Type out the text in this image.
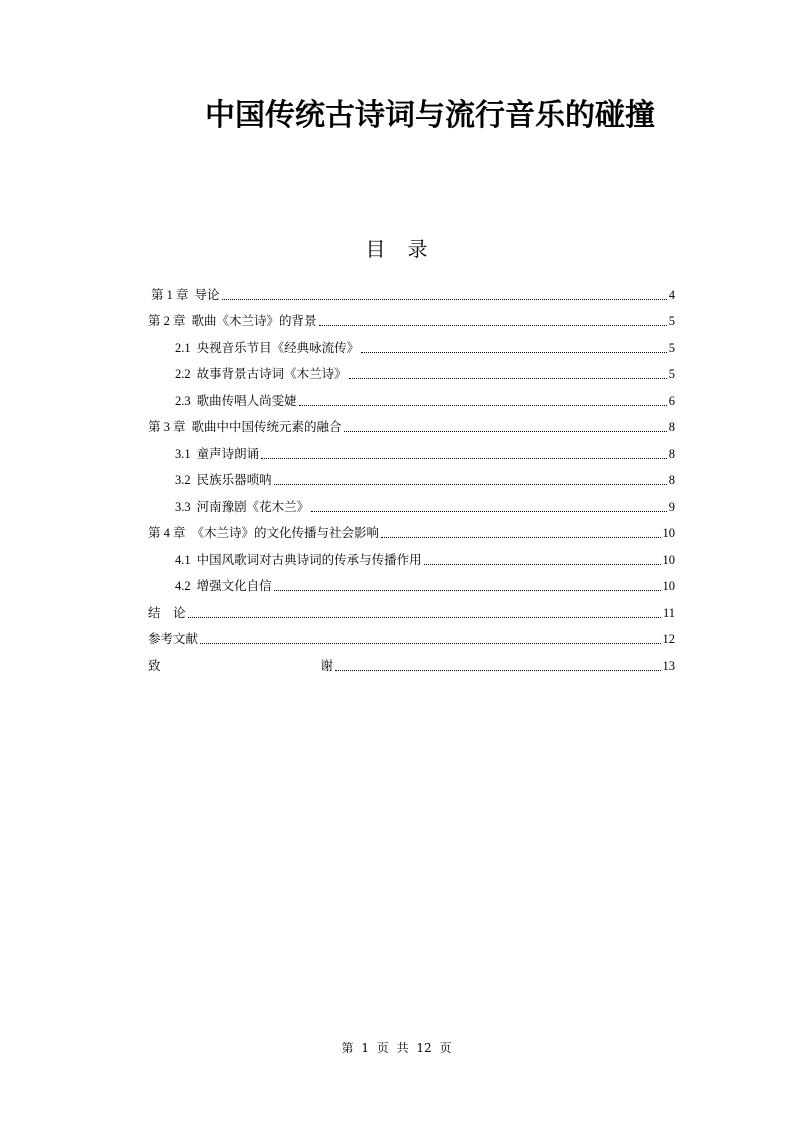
中国传统古诗词与流行音乐的碰撞
目 录
第 1 章 导论	4
第 2 章 歌曲《木兰诗》的背景	5
2.1 央视音乐节目《经典咏流传》	5
2.2 故事背景古诗词《木兰诗》	5
2.3 歌曲传唱人尚雯婕	6
第 3 章 歌曲中中国传统元素的融合	8
3.1 童声诗朗诵	8
3.2 民族乐器唢呐	8
3.3 河南豫剧《花木兰》	9
第 4 章 《木兰诗》的文化传播与社会影响	10
4.1 中国风歌词对古典诗词的传承与传播作用	10
4.2 增强文化自信	10
结　论	11
参考文献	12
致	谢	13
第 1 页 共 12 页
